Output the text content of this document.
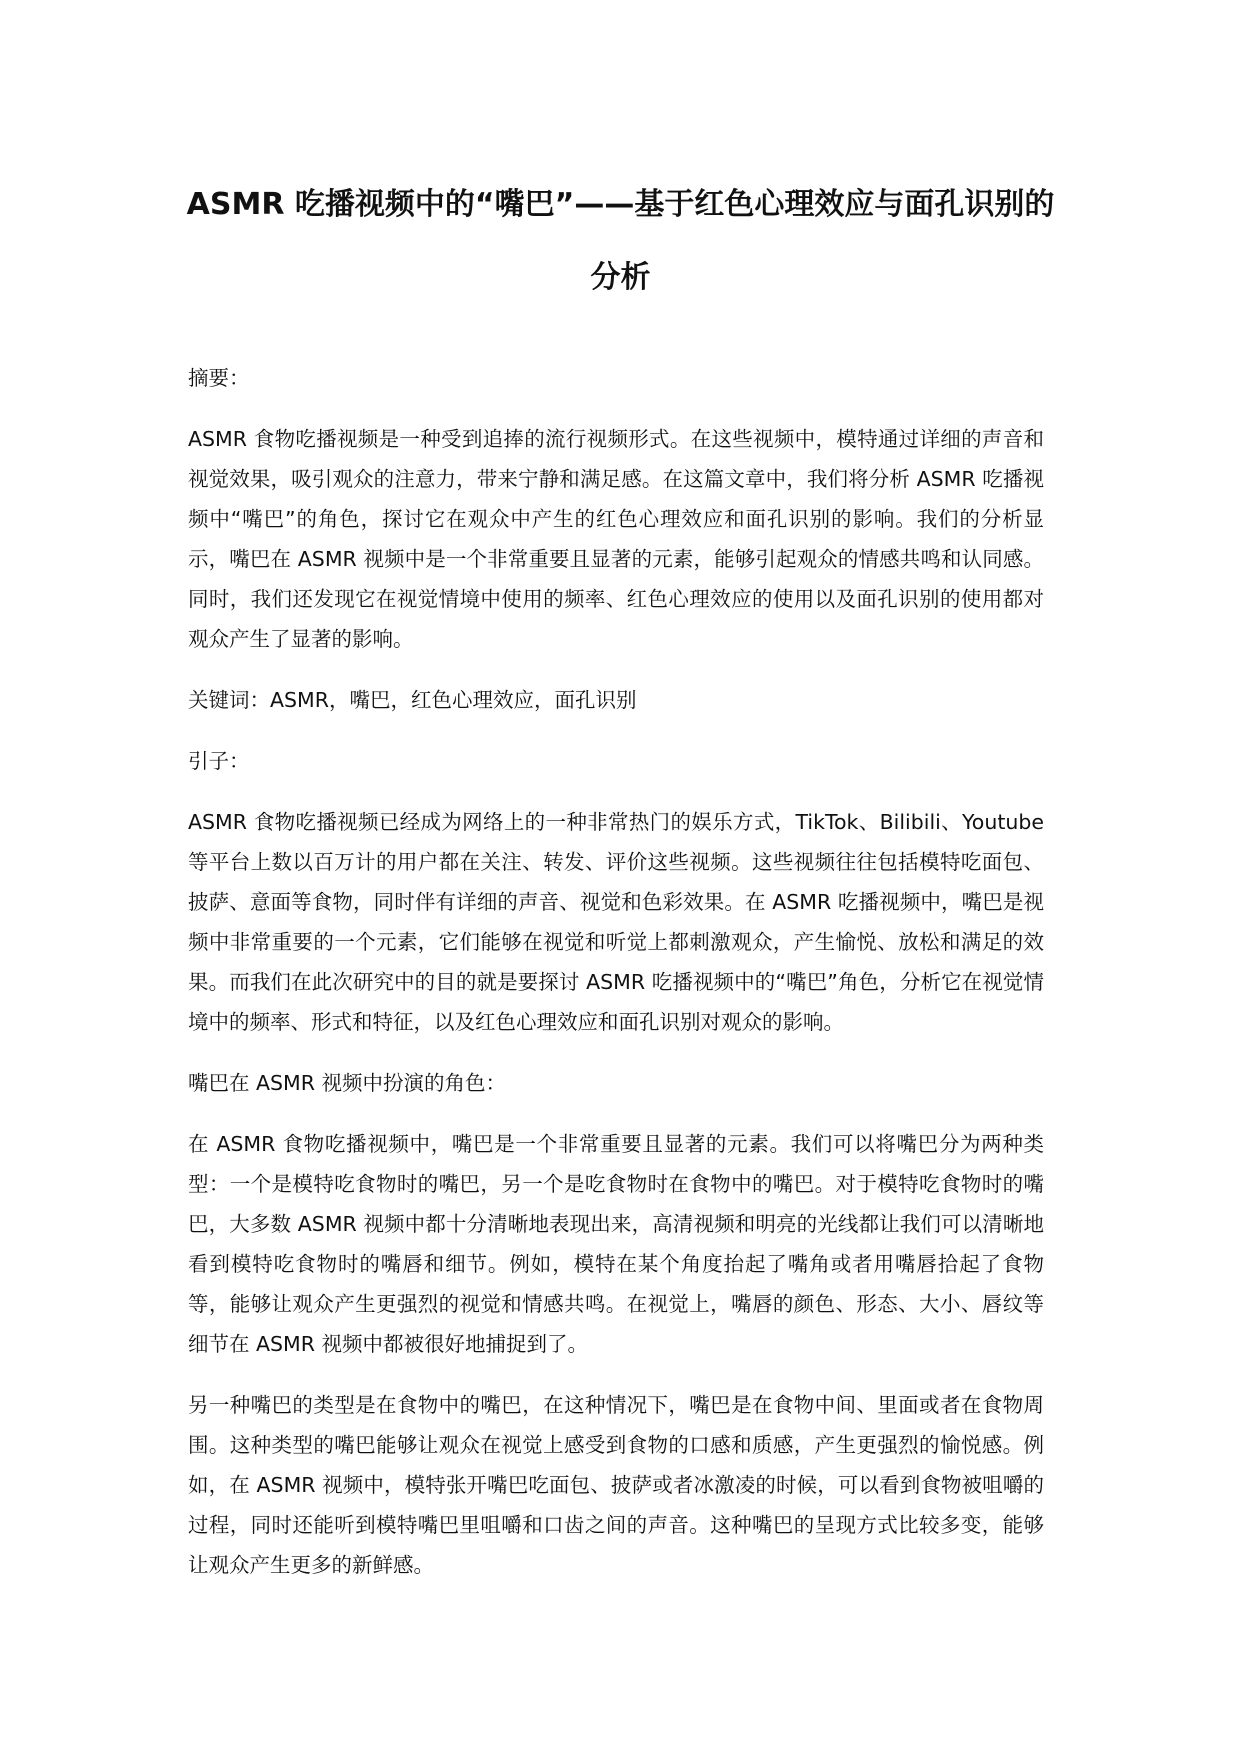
ASMR 吃播视频中的“嘴巴”——基于红色心理效应与面孔识别的分析

摘要：

ASMR 食物吃播视频是一种受到追捧的流行视频形式。在这些视频中，模特通过详细的声音和视觉效果，吸引观众的注意力，带来宁静和满足感。在这篇文章中，我们将分析 ASMR 吃播视频中“嘴巴”的角色，探讨它在观众中产生的红色心理效应和面孔识别的影响。我们的分析显示，嘴巴在 ASMR 视频中是一个非常重要且显著的元素，能够引起观众的情感共鸣和认同感。同时，我们还发现它在视觉情境中使用的频率、红色心理效应的使用以及面孔识别的使用都对观众产生了显著的影响。

关键词：ASMR，嘴巴，红色心理效应，面孔识别

引子：

ASMR 食物吃播视频已经成为网络上的一种非常热门的娱乐方式，TikTok、Bilibili、Youtube 等平台上数以百万计的用户都在关注、转发、评价这些视频。这些视频往往包括模特吃面包、披萨、意面等食物，同时伴有详细的声音、视觉和色彩效果。在 ASMR 吃播视频中，嘴巴是视频中非常重要的一个元素，它们能够在视觉和听觉上都刺激观众，产生愉悦、放松和满足的效果。而我们在此次研究中的目的就是要探讨 ASMR 吃播视频中的“嘴巴”角色，分析它在视觉情境中的频率、形式和特征，以及红色心理效应和面孔识别对观众的影响。

嘴巴在 ASMR 视频中扮演的角色：

在 ASMR 食物吃播视频中，嘴巴是一个非常重要且显著的元素。我们可以将嘴巴分为两种类型：一个是模特吃食物时的嘴巴，另一个是吃食物时在食物中的嘴巴。对于模特吃食物时的嘴巴，大多数 ASMR 视频中都十分清晰地表现出来，高清视频和明亮的光线都让我们可以清晰地看到模特吃食物时的嘴唇和细节。例如，模特在某个角度抬起了嘴角或者用嘴唇拾起了食物等，能够让观众产生更强烈的视觉和情感共鸣。在视觉上，嘴唇的颜色、形态、大小、唇纹等细节在 ASMR 视频中都被很好地捕捉到了。

另一种嘴巴的类型是在食物中的嘴巴，在这种情况下，嘴巴是在食物中间、里面或者在食物周围。这种类型的嘴巴能够让观众在视觉上感受到食物的口感和质感，产生更强烈的愉悦感。例如，在 ASMR 视频中，模特张开嘴巴吃面包、披萨或者冰激凌的时候，可以看到食物被咀嚼的过程，同时还能听到模特嘴巴里咀嚼和口齿之间的声音。这种嘴巴的呈现方式比较多变，能够让观众产生更多的新鲜感。
